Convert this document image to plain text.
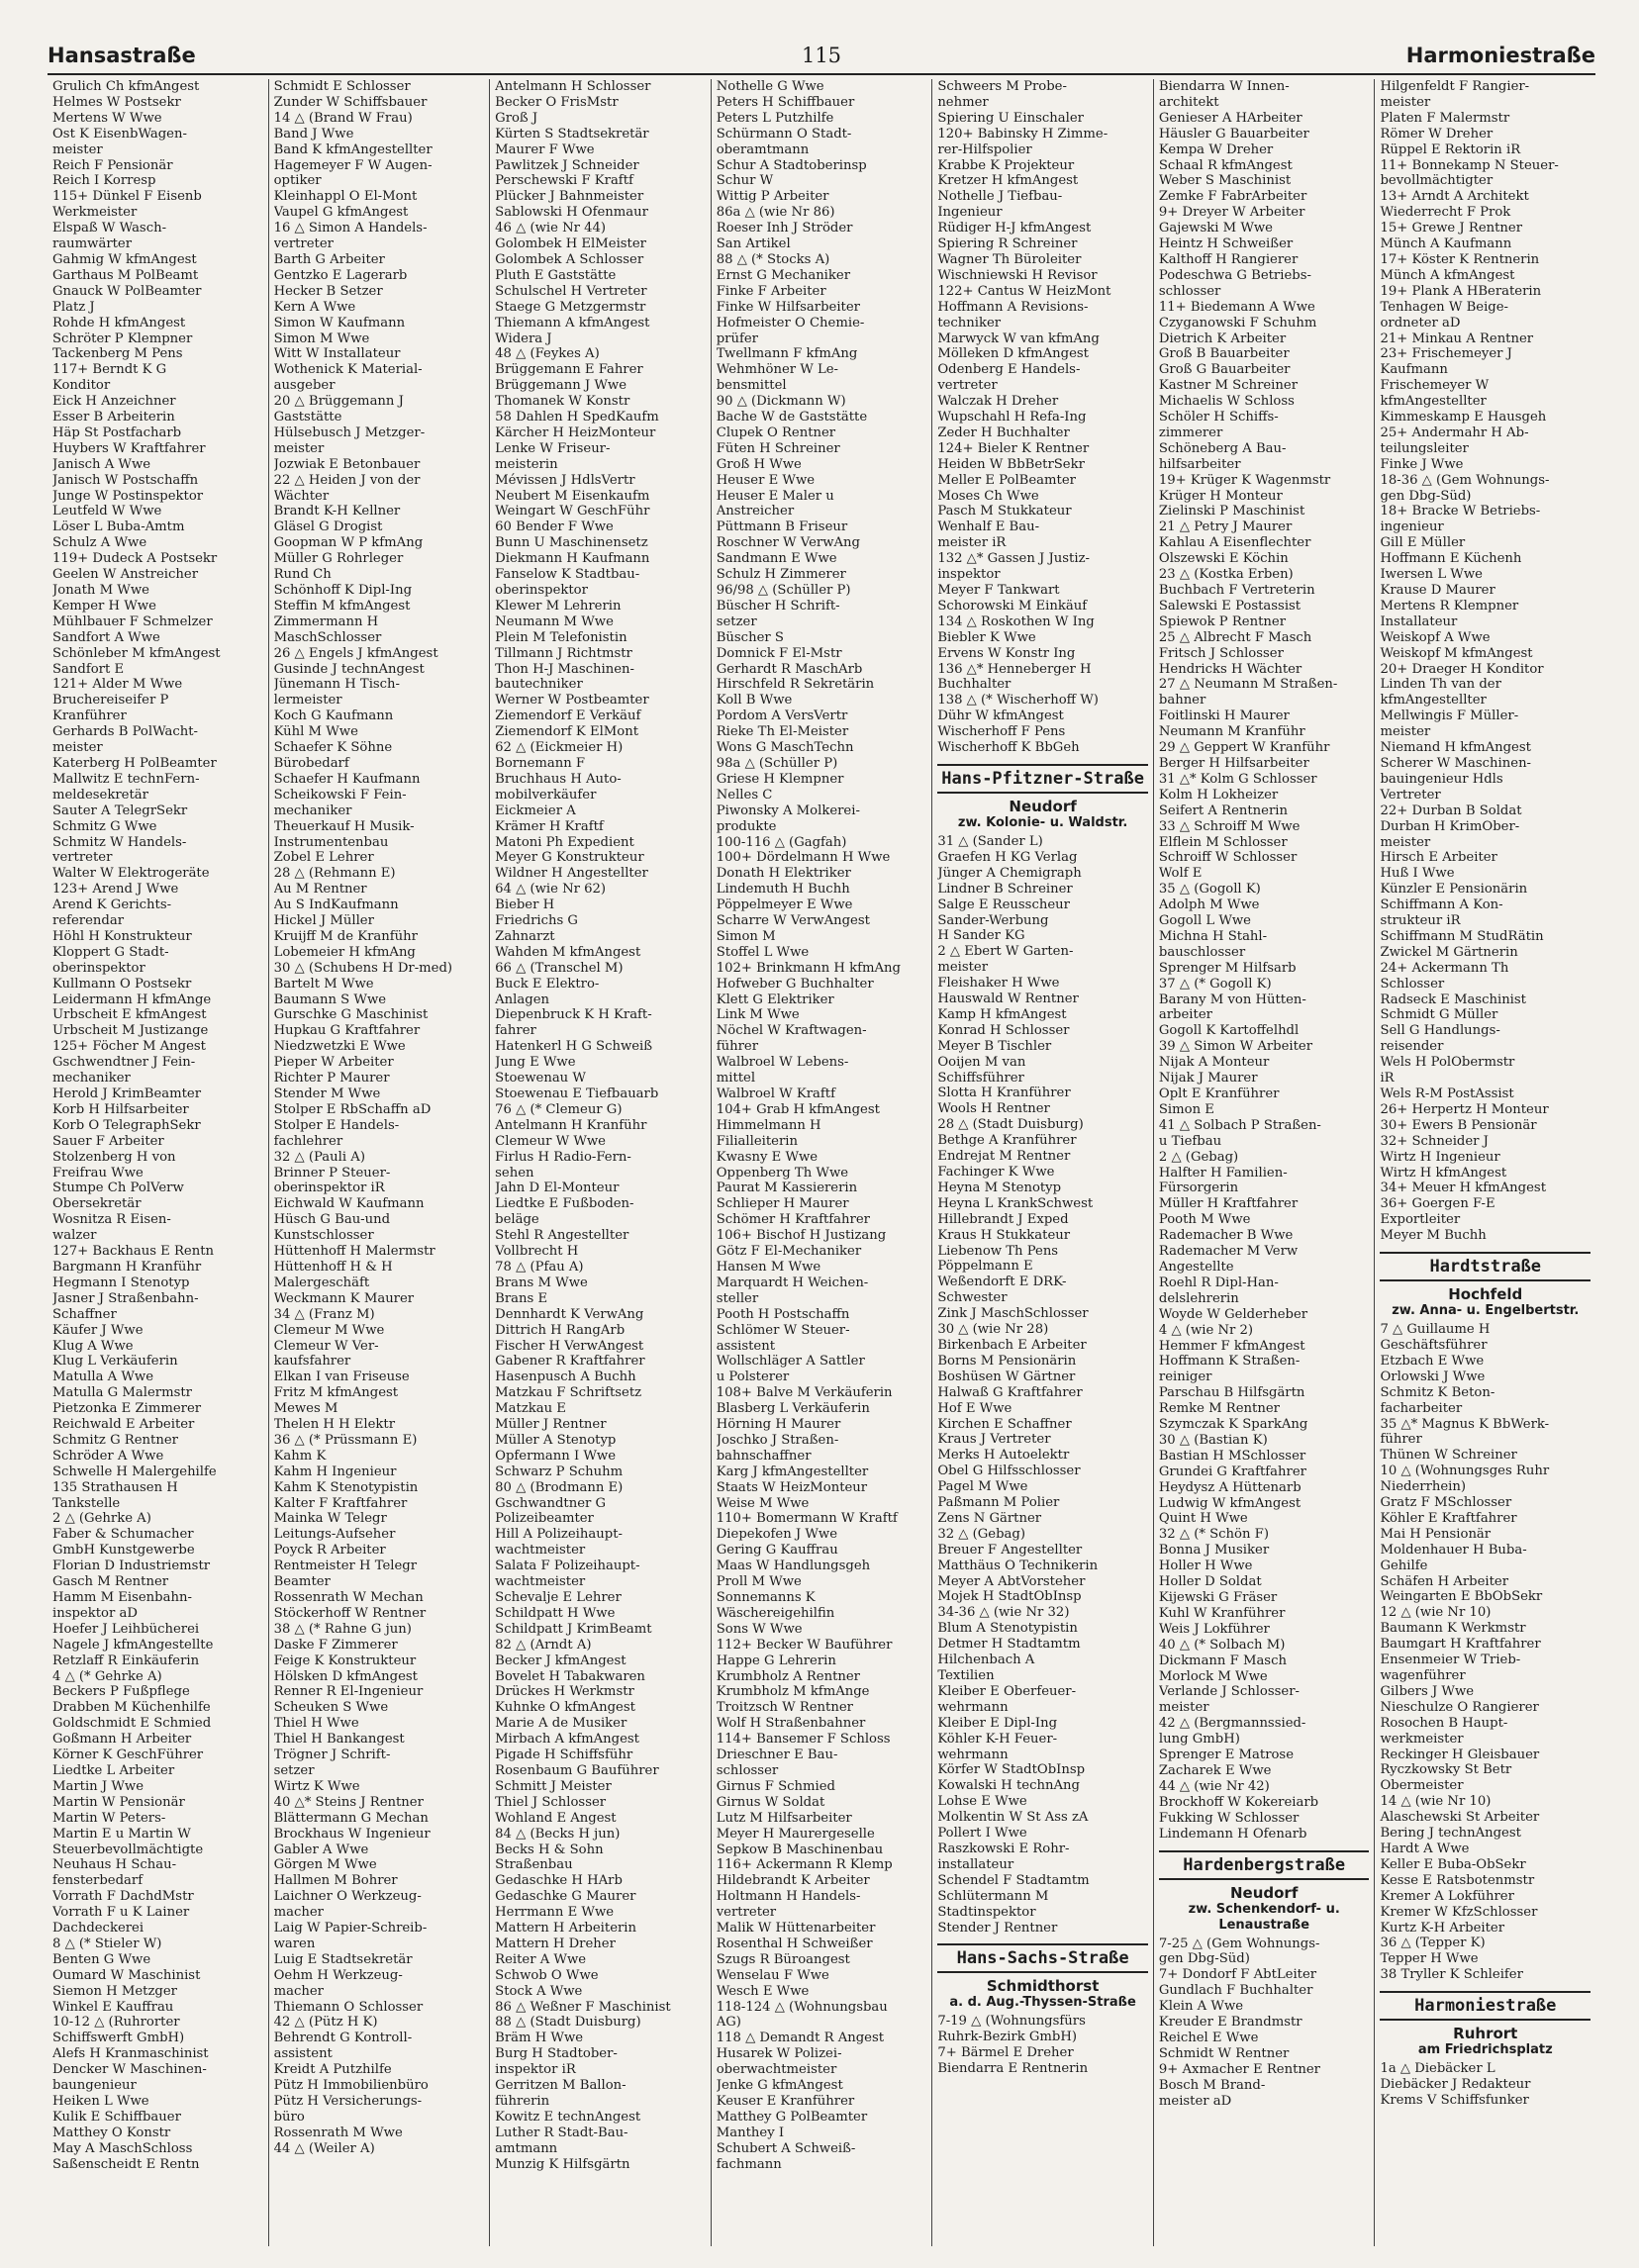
Hansastraße	115	Harmoniestraße
Grulich Ch kfmAngest
Helmes W Postsekr
Mertens W Wwe
Ost K EisenbWagen-
meister
Reich F Pensionär
Reich I Korresp
115+ Dünkel F Eisenb
Werkmeister
Elspaß W Wasch-
raumwärter
Gahmig W kfmAngest
Garthaus M PolBeamt
Gnauck W PolBeamter
Platz J
Rohde H kfmAngest
Schröter P Klempner
Tackenberg M Pens
117+ Berndt K G
Konditor
Eick H Anzeichner
Esser B Arbeiterin
Häp St Postfacharb
Huybers W Kraftfahrer
Janisch A Wwe
Janisch W Postschaffn
Junge W Postinspektor
Leutfeld W Wwe
Löser L Buba-Amtm
Schulz A Wwe
119+ Dudeck A Postsekr
Geelen W Anstreicher
Jonath M Wwe
Kemper H Wwe
Mühlbauer F Schmelzer
Sandfort A Wwe
Schönleber M kfmAngest
Sandfort E
121+ Alder M Wwe
Bruchereiseifer P
Kranführer
Gerhards B PolWacht-
meister
Katerberg H PolBeamter
Mallwitz E technFern-
meldesekretär
Sauter A TelegrSekr
Schmitz G Wwe
Schmitz W Handels-
vertreter
Walter W Elektrogeräte
123+ Arend J Wwe
Arend K Gerichts-
referendar
Höhl H Konstrukteur
Kloppert G Stadt-
oberinspektor
Kullmann O Postsekr
Leidermann H kfmAnge
Urbscheit E kfmAngest
Urbscheit M Justizange
125+ Föcher M Angest
Gschwendtner J Fein-
mechaniker
Herold J KrimBeamter
Korb H Hilfsarbeiter
Korb O TelegraphSekr
Sauer F Arbeiter
Stolzenberg H von
Freifrau Wwe
Stumpe Ch PolVerw
Obersekretär
Wosnitza R Eisen-
walzer
127+ Backhaus E Rentn
Bargmann H Kranführ
Hegmann I Stenotyp
Jasner J Straßenbahn-
Schaffner
Käufer J Wwe
Klug A Wwe
Klug L Verkäuferin
Matulla A Wwe
Matulla G Malermstr
Pietzonka E Zimmerer
Reichwald E Arbeiter
Schmitz G Rentner
Schröder A Wwe
Schwelle H Malergehilfe
135 Strathausen H
Tankstelle
2 △ (Gehrke A)
Faber & Schumacher
GmbH Kunstgewerbe
Florian D Industriemstr
Gasch M Rentner
Hamm M Eisenbahn-
inspektor aD
Hoefer J Leihbücherei
Nagele J kfmAngestellte
Retzlaff R Einkäuferin
4 △ (* Gehrke A)
Beckers P Fußpflege
Drabben M Küchenhilfe
Goldschmidt E Schmied
Goßmann H Arbeiter
Körner K GeschFührer
Liedtke L Arbeiter
Martin J Wwe
Martin W Pensionär
Martin W Peters-
Martin E u Martin W
Steuerbevollmächtigte
Neuhaus H Schau-
fensterbedarf
Vorrath F DachdMstr
Vorrath F u K Lainer
Dachdeckerei
8 △ (* Stieler W)
Benten G Wwe
Oumard W Maschinist
Siemon H Metzger
Winkel E Kauffrau
10-12 △ (Ruhrorter
Schiffswerft GmbH)
Alefs H Kranmaschinist
Dencker W Maschinen-
baungenieur
Heiken L Wwe
Kulik E Schiffbauer
Matthey O Konstr
May A MaschSchloss
Saßenscheidt E Rentn
Schmidt E Schlosser
Zunder W Schiffsbauer
14 △ (Brand W Frau)
Band J Wwe
Band K kfmAngestellter
Hagemeyer F W Augen-
optiker
Kleinhappl O El-Mont
Vaupel G kfmAngest
16 △ Simon A Handels-
vertreter
Barth G Arbeiter
Gentzko E Lagerarb
Hecker B Setzer
Kern A Wwe
Simon W Kaufmann
Simon M Wwe
Witt W Installateur
Wothenick K Material-
ausgeber
20 △ Brüggemann J
Gaststätte
Hülsebusch J Metzger-
meister
Jozwiak E Betonbauer
22 △ Heiden J von der
Wächter
Brandt K-H Kellner
Gläsel G Drogist
Goopman W P kfmAng
Müller G Rohrleger
Rund Ch
Schönhoff K Dipl-Ing
Steffin M kfmAngest
Zimmermann H
MaschSchlosser
26 △ Engels J kfmAngest
Gusinde J technAngest
Jünemann H Tisch-
lermeister
Koch G Kaufmann
Kühl M Wwe
Schaefer K Söhne
Bürobedarf
Schaefer H Kaufmann
Scheikowski F Fein-
mechaniker
Theuerkauf H Musik-
Instrumentenbau
Zobel E Lehrer
28 △ (Rehmann E)
Au M Rentner
Au S IndKaufmann
Hickel J Müller
Kruijff M de Kranführ
Lobemeier H kfmAng
30 △ (Schubens H Dr-med)
Bartelt M Wwe
Baumann S Wwe
Gurschke G Maschinist
Hupkau G Kraftfahrer
Niedzwetzki E Wwe
Pieper W Arbeiter
Richter P Maurer
Stender M Wwe
Stolper E RbSchaffn aD
Stolper E Handels-
fachlehrer
32 △ (Pauli A)
Brinner P Steuer-
oberinspektor iR
Eichwald W Kaufmann
Hüsch G Bau-und
Kunstschlosser
Hüttenhoff H Malermstr
Hüttenhoff H & H
Malergeschäft
Weckmann K Maurer
34 △ (Franz M)
Clemeur M Wwe
Clemeur W Ver-
kaufsfahrer
Elkan I van Friseuse
Fritz M kfmAngest
Mewes M
Thelen H H Elektr
36 △ (* Prüssmann E)
Kahm K
Kahm H Ingenieur
Kahm K Stenotypistin
Kalter F Kraftfahrer
Mainka W Telegr
Leitungs-Aufseher
Poyck R Arbeiter
Rentmeister H Telegr
Beamter
Rossenrath W Mechan
Stöckerhoff W Rentner
38 △ (* Rahne G jun)
Daske F Zimmerer
Feige K Konstrukteur
Hölsken D kfmAngest
Renner R El-Ingenieur
Scheuken S Wwe
Thiel H Wwe
Thiel H Bankangest
Trögner J Schrift-
setzer
Wirtz K Wwe
40 △* Steins J Rentner
Blättermann G Mechan
Brockhaus W Ingenieur
Gabler A Wwe
Görgen M Wwe
Hallmen M Bohrer
Laichner O Werkzeug-
macher
Laig W Papier-Schreib-
waren
Luig E Stadtsekretär
Oehm H Werkzeug-
macher
Thiemann O Schlosser
42 △ (Pütz H K)
Behrendt G Kontroll-
assistent
Kreidt A Putzhilfe
Pütz H Immobilienbüro
Pütz H Versicherungs-
büro
Rossenrath M Wwe
44 △ (Weiler A)
Antelmann H Schlosser
Becker O FrisMstr
Groß J
Kürten S Stadtsekretär
Maurer F Wwe
Pawlitzek J Schneider
Perschewski F Kraftf
Plücker J Bahnmeister
Sablowski H Ofenmaur
46 △ (wie Nr 44)
Golombek H ElMeister
Golombek A Schlosser
Pluth E Gaststätte
Schulschel H Vertreter
Staege G Metzgermstr
Thiemann A kfmAngest
Widera J
48 △ (Feykes A)
Brüggemann E Fahrer
Brüggemann J Wwe
Thomanek W Konstr
58 Dahlen H SpedKaufm
Kärcher H HeizMonteur
Lenke W Friseur-
meisterin
Mévissen J HdlsVertr
Neubert M Eisenkaufm
Weingart W GeschFühr
60 Bender F Wwe
Bunn U Maschinensetz
Diekmann H Kaufmann
Fanselow K Stadtbau-
oberinspektor
Klewer M Lehrerin
Neumann M Wwe
Plein M Telefonistin
Tillmann J Richtmstr
Thon H-J Maschinen-
bautechniker
Werner W Postbeamter
Ziemendorf E Verkäuf
Ziemendorf K ElMont
62 △ (Eickmeier H)
Bornemann F
Bruchhaus H Auto-
mobilverkäufer
Eickmeier A
Krämer H Kraftf
Matoni Ph Expedient
Meyer G Konstrukteur
Wildner H Angestellter
64 △ (wie Nr 62)
Bieber H
Friedrichs G
Zahnarzt
Wahden M kfmAngest
66 △ (Transchel M)
Buck E Elektro-
Anlagen
Diepenbruck K H Kraft-
fahrer
Hatenkerl H G Schweiß
Jung E Wwe
Stoewenau W
Stoewenau E Tiefbauarb
76 △ (* Clemeur G)
Antelmann H Kranführ
Clemeur W Wwe
Firlus H Radio-Fern-
sehen
Jahn D El-Monteur
Liedtke E Fußboden-
beläge
Stehl R Angestellter
Vollbrecht H
78 △ (Pfau A)
Brans M Wwe
Brans E
Dennhardt K VerwAng
Dittrich H RangArb
Fischer H VerwAngest
Gabener R Kraftfahrer
Hasenpusch A Buchh
Matzkau F Schriftsetz
Matzkau E
Müller J Rentner
Müller A Stenotyp
Opfermann I Wwe
Schwarz P Schuhm
80 △ (Brodmann E)
Gschwandtner G
Polizeibeamter
Hill A Polizeihaupt-
wachtmeister
Salata F Polizeihaupt-
wachtmeister
Schevalje E Lehrer
Schildpatt H Wwe
Schildpatt J KrimBeamt
82 △ (Arndt A)
Becker J kfmAngest
Bovelet H Tabakwaren
Drückes H Werkmstr
Kuhnke O kfmAngest
Marie A de Musiker
Mirbach A kfmAngest
Pigade H Schiffsführ
Rosenbaum G Bauführer
Schmitt J Meister
Thiel J Schlosser
Wohland E Angest
84 △ (Becks H jun)
Becks H & Sohn
Straßenbau
Gedaschke H HArb
Gedaschke G Maurer
Herrmann E Wwe
Mattern H Arbeiterin
Mattern H Dreher
Reiter A Wwe
Schwob O Wwe
Stock A Wwe
86 △ Weßner F Maschinist
88 △ (Stadt Duisburg)
Bräm H Wwe
Burg H Stadtober-
inspektor iR
Gerritzen M Ballon-
führerin
Kowitz E technAngest
Luther R Stadt-Bau-
amtmann
Munzig K Hilfsgärtn
Nothelle G Wwe
Peters H Schiffbauer
Peters L Putzhilfe
Schürmann O Stadt-
oberamtmann
Schur A Stadtoberinsp
Schur W
Wittig P Arbeiter
86a △ (wie Nr 86)
Roeser Inh J Ströder
San Artikel
88 △ (* Stocks A)
Ernst G Mechaniker
Finke F Arbeiter
Finke W Hilfsarbeiter
Hofmeister O Chemie-
prüfer
Twellmann F kfmAng
Wehmhöner W Le-
bensmittel
90 △ (Dickmann W)
Bache W de Gaststätte
Clupek O Rentner
Füten H Schreiner
Groß H Wwe
Heuser E Wwe
Heuser E Maler u
Anstreicher
Püttmann B Friseur
Roschner W VerwAng
Sandmann E Wwe
Schulz H Zimmerer
96/98 △ (Schüller P)
Büscher H Schrift-
setzer
Büscher S
Domnick F El-Mstr
Gerhardt R MaschArb
Hirschfeld R Sekretärin
Koll B Wwe
Pordom A VersVertr
Rieke Th El-Meister
Wons G MaschTechn
98a △ (Schüller P)
Griese H Klempner
Nelles C
Piwonsky A Molkerei-
produkte
100-116 △ (Gagfah)
100+ Dördelmann H Wwe
Donath H Elektriker
Lindemuth H Buchh
Pöppelmeyer E Wwe
Scharre W VerwAngest
Simon M
Stoffel L Wwe
102+ Brinkmann H kfmAng
Hofweber G Buchhalter
Klett G Elektriker
Link M Wwe
Nöchel W Kraftwagen-
führer
Walbroel W Lebens-
mittel
Walbroel W Kraftf
104+ Grab H kfmAngest
Himmelmann H
Filialleiterin
Kwasny E Wwe
Oppenberg Th Wwe
Paurat M Kassiererin
Schlieper H Maurer
Schömer H Kraftfahrer
106+ Bischof H Justizang
Götz F El-Mechaniker
Hansen M Wwe
Marquardt H Weichen-
steller
Pooth H Postschaffn
Schlömer W Steuer-
assistent
Wollschläger A Sattler
u Polsterer
108+ Balve M Verkäuferin
Blasberg L Verkäuferin
Hörning H Maurer
Joschko J Straßen-
bahnschaffner
Karg J kfmAngestellter
Staats W HeizMonteur
Weise M Wwe
110+ Bomermann W Kraftf
Diepekofen J Wwe
Gering G Kauffrau
Maas W Handlungsgeh
Proll M Wwe
Sonnemanns K
Wäschereigehilfin
Sons W Wwe
112+ Becker W Bauführer
Happe G Lehrerin
Krumbholz A Rentner
Krumbholz M kfmAnge
Troitzsch W Rentner
Wolf H Straßenbahner
114+ Bansemer F Schloss
Drieschner E Bau-
schlosser
Girnus F Schmied
Girnus W Soldat
Lutz M Hilfsarbeiter
Meyer H Maurergeselle
Sepkow B Maschinenbau
116+ Ackermann R Klemp
Hildebrandt K Arbeiter
Holtmann H Handels-
vertreter
Malik W Hüttenarbeiter
Rosenthal H Schweißer
Szugs R Büroangest
Wenselau F Wwe
Wesch E Wwe
118-124 △ (Wohnungsbau
AG)
118 △ Demandt R Angest
Husarek W Polizei-
oberwachtmeister
Jenke G kfmAngest
Keuser E Kranführer
Matthey G PolBeamter
Manthey I
Schubert A Schweiß-
fachmann
Schweers M Probe-
nehmer
Spiering U Einschaler
120+ Babinsky H Zimme-
rer-Hilfspolier
Krabbe K Projekteur
Kretzer H kfmAngest
Nothelle J Tiefbau-
Ingenieur
Rüdiger H-J kfmAngest
Spiering R Schreiner
Wagner Th Büroleiter
Wischniewski H Revisor
122+ Cantus W HeizMont
Hoffmann A Revisions-
techniker
Marwyck W van kfmAng
Mölleken D kfmAngest
Odenberg E Handels-
vertreter
Walczak H Dreher
Wupschahl H Refa-Ing
Zeder H Buchhalter
124+ Bieler K Rentner
Heiden W BbBetrSekr
Meller E PolBeamter
Moses Ch Wwe
Pasch M Stukkateur
Wenhalf E Bau-
meister iR
132 △* Gassen J Justiz-
inspektor
Meyer F Tankwart
Schorowski M Einkäuf
134 △ Roskothen W Ing
Biebler K Wwe
Ervens W Konstr Ing
136 △* Henneberger H
Buchhalter
138 △ (* Wischerhoff W)
Dühr W kfmAngest
Wischerhoff F Pens
Wischerhoff K BbGeh
Hans-Pfitzner-Straße
Neudorf
zw. Kolonie- u. Waldstr.
31 △ (Sander L)
Graefen H KG Verlag
Jünger A Chemigraph
Lindner B Schreiner
Salge E Reusscheur
Sander-Werbung
H Sander KG
2 △ Ebert W Garten-
meister
Fleishaker H Wwe
Hauswald W Rentner
Kamp H kfmAngest
Konrad H Schlosser
Meyer B Tischler
Ooijen M van
Schiffsführer
Slotta H Kranführer
Wools H Rentner
28 △ (Stadt Duisburg)
Bethge A Kranführer
Endrejat M Rentner
Fachinger K Wwe
Heyna M Stenotyp
Heyna L KrankSchwest
Hillebrandt J Exped
Kraus H Stukkateur
Liebenow Th Pens
Pöppelmann E
Weßendorft E DRK-
Schwester
Zink J MaschSchlosser
30 △ (wie Nr 28)
Birkenbach E Arbeiter
Borns M Pensionärin
Boshüsen W Gärtner
Halwaß G Kraftfahrer
Hof E Wwe
Kirchen E Schaffner
Kraus J Vertreter
Merks H Autoelektr
Obel G Hilfsschlosser
Pagel M Wwe
Paßmann M Polier
Zens N Gärtner
32 △ (Gebag)
Breuer F Angestellter
Matthäus O Technikerin
Meyer A AbtVorsteher
Mojek H StadtObInsp
34-36 △ (wie Nr 32)
Blum A Stenotypistin
Detmer H Stadtamtm
Hilchenbach A
Textilien
Kleiber E Oberfeuer-
wehrmann
Kleiber E Dipl-Ing
Köhler K-H Feuer-
wehrmann
Körfer W StadtObInsp
Kowalski H technAng
Lohse E Wwe
Molkentin W St Ass zA
Pollert I Wwe
Raszkowski E Rohr-
installateur
Schendel F Stadtamtm
Schlütermann M
Stadtinspektor
Stender J Rentner
Hans-Sachs-Straße
Schmidthorst
a. d. Aug.-Thyssen-Straße
7-19 △ (Wohnungsfürs
Ruhrk-Bezirk GmbH)
7+ Bärmel E Dreher
Biendarra E Rentnerin
Biendarra W Innen-
architekt
Genieser A HArbeiter
Häusler G Bauarbeiter
Kempa W Dreher
Schaal R kfmAngest
Weber S Maschinist
Zemke F FabrArbeiter
9+ Dreyer W Arbeiter
Gajewski M Wwe
Heintz H Schweißer
Kalthoff H Rangierer
Podeschwa G Betriebs-
schlosser
11+ Biedemann A Wwe
Czyganowski F Schuhm
Dietrich K Arbeiter
Groß B Bauarbeiter
Groß G Bauarbeiter
Kastner M Schreiner
Michaelis W Schloss
Schöler H Schiffs-
zimmerer
Schöneberg A Bau-
hilfsarbeiter
19+ Krüger K Wagenmstr
Krüger H Monteur
Zielinski P Maschinist
21 △ Petry J Maurer
Kahlau A Eisenflechter
Olszewski E Köchin
23 △ (Kostka Erben)
Buchbach F Vertreterin
Salewski E Postassist
Spiewok P Rentner
25 △ Albrecht F Masch
Fritsch J Schlosser
Hendricks H Wächter
27 △ Neumann M Straßen-
bahner
Foitlinski H Maurer
Neumann M Kranführ
29 △ Geppert W Kranführ
Berger H Hilfsarbeiter
31 △* Kolm G Schlosser
Kolm H Lokheizer
Seifert A Rentnerin
33 △ Schroiff M Wwe
Elflein M Schlosser
Schroiff W Schlosser
Wolf E
35 △ (Gogoll K)
Adolph M Wwe
Gogoll L Wwe
Michna H Stahl-
bauschlosser
Sprenger M Hilfsarb
37 △ (* Gogoll K)
Barany M von Hütten-
arbeiter
Gogoll K Kartoffelhdl
39 △ Simon W Arbeiter
Nijak A Monteur
Nijak J Maurer
Oplt E Kranführer
Simon E
41 △ Solbach P Straßen-
u Tiefbau
2 △ (Gebag)
Halfter H Familien-
Fürsorgerin
Müller H Kraftfahrer
Pooth M Wwe
Rademacher B Wwe
Rademacher M Verw
Angestellte
Roehl R Dipl-Han-
delslehrerin
Woyde W Gelderheber
4 △ (wie Nr 2)
Hemmer F kfmAngest
Hoffmann K Straßen-
reiniger
Parschau B Hilfsgärtn
Remke M Rentner
Szymczak K SparkAng
30 △ (Bastian K)
Bastian H MSchlosser
Grundei G Kraftfahrer
Heydysz A Hüttenarb
Ludwig W kfmAngest
Quint H Wwe
32 △ (* Schön F)
Bonna J Musiker
Holler H Wwe
Holler D Soldat
Kijewski G Fräser
Kuhl W Kranführer
Weis J Lokführer
40 △ (* Solbach M)
Dickmann F Masch
Morlock M Wwe
Verlande J Schlosser-
meister
42 △ (Bergmannssied-
lung GmbH)
Sprenger E Matrose
Zacharek E Wwe
44 △ (wie Nr 42)
Brockhoff W Kokereiarb
Fukking W Schlosser
Lindemann H Ofenarb
Hardenbergstraße
Neudorf
zw. Schenkendorf- u. Lenaustraße
7-25 △ (Gem Wohnungs-
gen Dbg-Süd)
7+ Dondorf F AbtLeiter
Gundlach F Buchhalter
Klein A Wwe
Kreuder E Brandmstr
Reichel E Wwe
Schmidt W Rentner
9+ Axmacher E Rentner
Bosch M Brand-
meister aD
Hilgenfeldt F Rangier-
meister
Platen F Malermstr
Römer W Dreher
Rüppel E Rektorin iR
11+ Bonnekamp N Steuer-
bevollmächtigter
13+ Arndt A Architekt
Wiederrecht F Prok
15+ Grewe J Rentner
Münch A Kaufmann
17+ Köster K Rentnerin
Münch A kfmAngest
19+ Plank A HBeraterin
Tenhagen W Beige-
ordneter aD
21+ Minkau A Rentner
23+ Frischemeyer J
Kaufmann
Frischemeyer W
kfmAngestellter
Kimmeskamp E Hausgeh
25+ Andermahr H Ab-
teilungsleiter
Finke J Wwe
18-36 △ (Gem Wohnungs-
gen Dbg-Süd)
18+ Bracke W Betriebs-
ingenieur
Gill E Müller
Hoffmann E Küchenh
Iwersen L Wwe
Krause D Maurer
Mertens R Klempner
Installateur
Weiskopf A Wwe
Weiskopf M kfmAngest
20+ Draeger H Konditor
Linden Th van der
kfmAngestellter
Mellwingis F Müller-
meister
Niemand H kfmAngest
Scherer W Maschinen-
bauingenieur Hdls
Vertreter
22+ Durban B Soldat
Durban H KrimOber-
meister
Hirsch E Arbeiter
Huß I Wwe
Künzler E Pensionärin
Schiffmann A Kon-
strukteur iR
Schiffmann M StudRätin
Zwickel M Gärtnerin
24+ Ackermann Th
Schlosser
Radseck E Maschinist
Schmidt G Müller
Sell G Handlungs-
reisender
Wels H PolObermstr
iR
Wels R-M PostAssist
26+ Herpertz H Monteur
30+ Ewers B Pensionär
32+ Schneider J
Wirtz H Ingenieur
Wirtz H kfmAngest
34+ Meuer H kfmAngest
36+ Goergen F-E
Exportleiter
Meyer M Buchh
Hardtstraße
Hochfeld
zw. Anna- u. Engelbertstr.
7 △ Guillaume H
Geschäftsführer
Etzbach E Wwe
Orlowski J Wwe
Schmitz K Beton-
facharbeiter
35 △* Magnus K BbWerk-
führer
Thünen W Schreiner
10 △ (Wohnungsges Ruhr
Niederrhein)
Gratz F MSchlosser
Köhler E Kraftfahrer
Mai H Pensionär
Moldenhauer H Buba-
Gehilfe
Schäfen H Arbeiter
Weingarten E BbObSekr
12 △ (wie Nr 10)
Baumann K Werkmstr
Baumgart H Kraftfahrer
Ensenmeier W Trieb-
wagenführer
Gilbers J Wwe
Nieschulze O Rangierer
Rosochen B Haupt-
werkmeister
Reckinger H Gleisbauer
Ryczkowsky St Betr
Obermeister
14 △ (wie Nr 10)
Alaschewski St Arbeiter
Bering J technAngest
Hardt A Wwe
Keller E Buba-ObSekr
Kesse E Ratsbotenmstr
Kremer A Lokführer
Kremer W KfzSchlosser
Kurtz K-H Arbeiter
36 △ (Tepper K)
Tepper H Wwe
38 Tryller K Schleifer
Harmoniestraße
Ruhrort
am Friedrichsplatz
1a △ Diebäcker L
Diebäcker J Redakteur
Krems V Schiffsfunker
